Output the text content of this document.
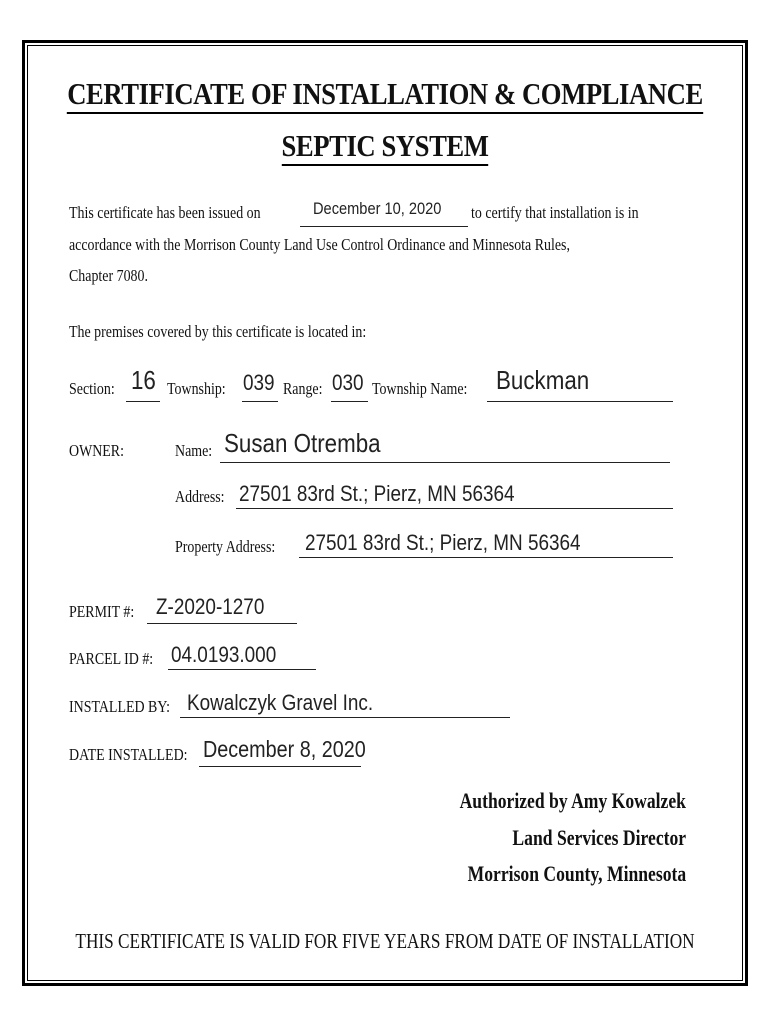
CERTIFICATE OF INSTALLATION & COMPLIANCE
SEPTIC SYSTEM
This certificate has been issued on	December 10, 2020 to certify that installation is in
accordance with the Morrison County Land Use Control Ordinance and Minnesota Rules,
Chapter 7080.
The premises covered by this certificate is located in:
Section: 16 Township: 039 Range: 030 Township Name: Buckman
OWNER:	Name: Susan Otremba
Address: 27501 83rd St.; Pierz, MN 56364
Property Address: 27501 83rd St.; Pierz, MN 56364
PERMIT #: Z-2020-1270
PARCEL ID #: 04.0193.000
INSTALLED BY: Kowalczyk Gravel Inc.
DATE INSTALLED: December 8, 2020
Authorized by Amy Kowalzek
Land Services Director
Morrison County, Minnesota
THIS CERTIFICATE IS VALID FOR FIVE YEARS FROM DATE OF INSTALLATION
